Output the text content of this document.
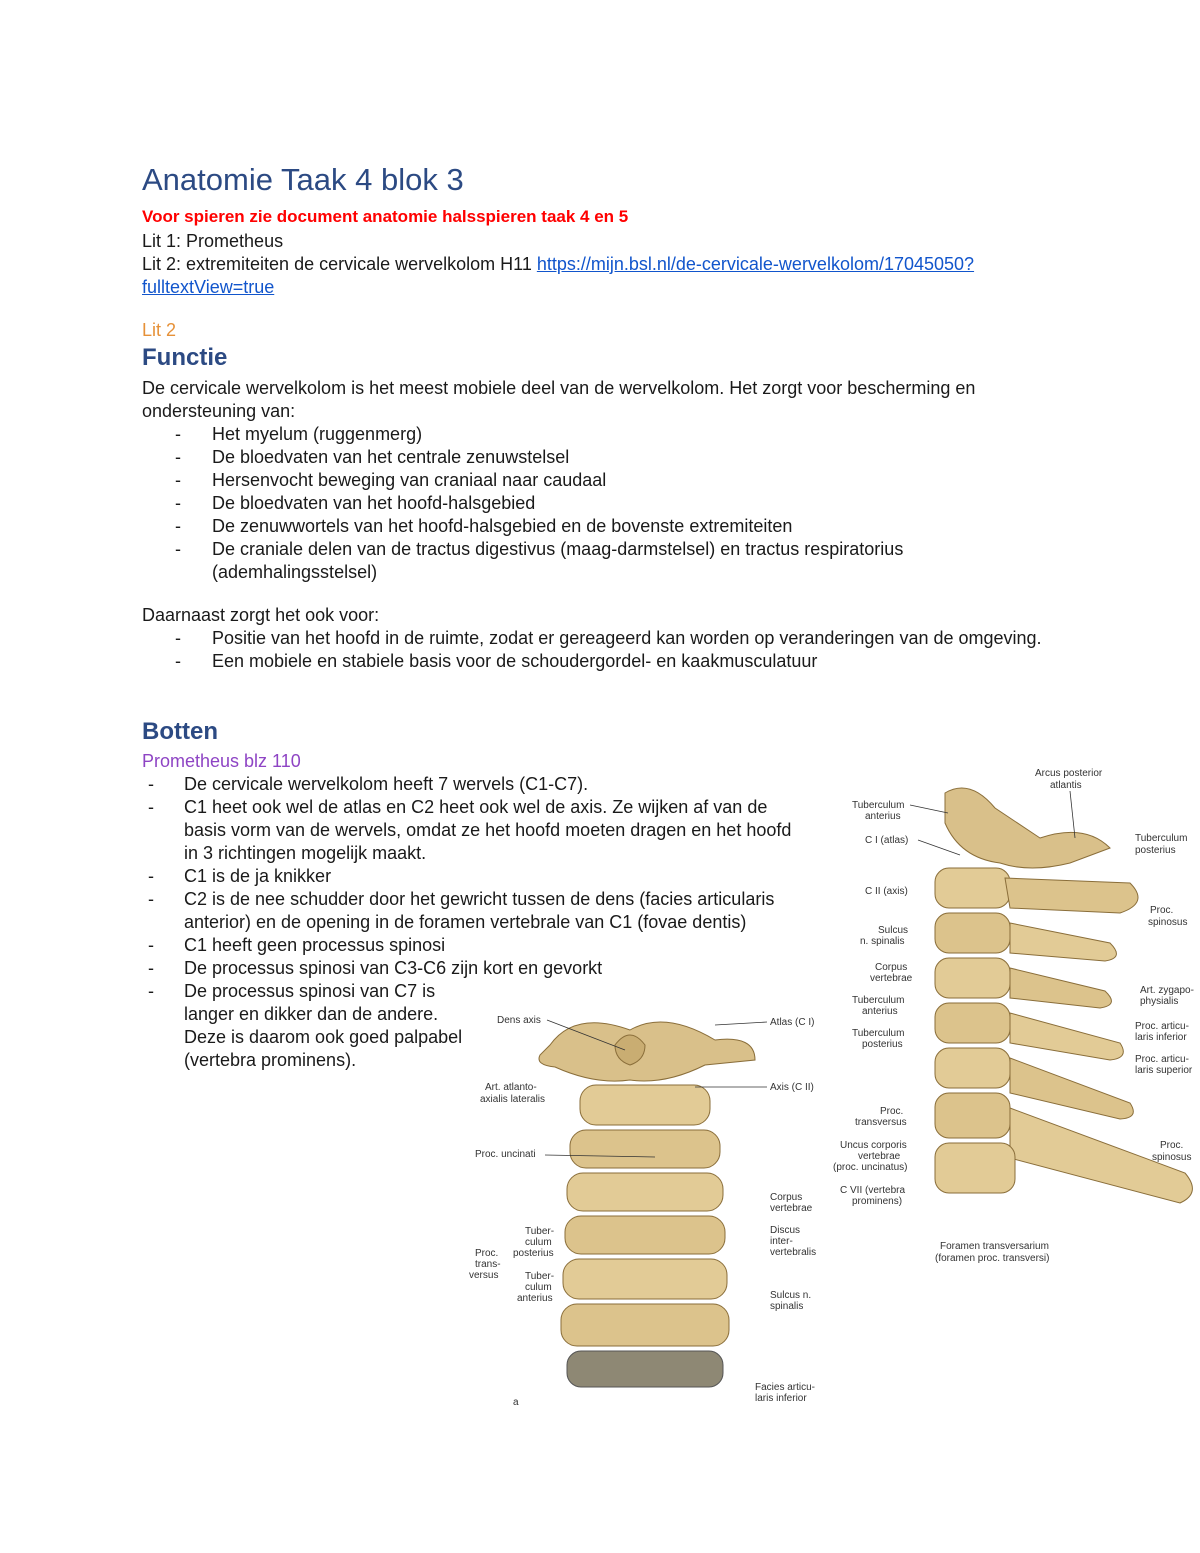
Anatomie Taak 4 blok 3
Voor spieren zie document anatomie halsspieren taak 4 en 5
Lit 1: Prometheus
Lit 2: extremiteiten de cervicale wervelkolom H11 https://mijn.bsl.nl/de-cervicale-wervelkolom/17045050?
fulltextView=true
Lit 2
Functie
De cervicale wervelkolom is het meest mobiele deel van de wervelkolom. Het zorgt voor bescherming en ondersteuning van:
- Het myelum (ruggenmerg)
- De bloedvaten van het centrale zenuwstelsel
- Hersenvocht beweging van craniaal naar caudaal
- De bloedvaten van het hoofd-halsgebied
- De zenuwwortels van het hoofd-halsgebied en de bovenste extremiteiten
- De craniale delen van de tractus digestivus (maag-darmstelsel) en tractus respiratorius (ademhalingsstelsel)
Daarnaast zorgt het ook voor:
- Positie van het hoofd in de ruimte, zodat er gereageerd kan worden op veranderingen van de omgeving.
- Een mobiele en stabiele basis voor de schoudergordel- en kaakmusculatuur
Botten
Prometheus blz 110
- De cervicale wervelkolom heeft 7 wervels (C1-C7).
- C1 heet ook wel de atlas en C2 heet ook wel de axis. Ze wijken af van de basis vorm van de wervels, omdat ze het hoofd moeten dragen en het hoofd in 3 richtingen mogelijk maakt.
- C1 is de ja knikker
- C2 is de nee schudder door het gewricht tussen de dens (facies articularis anterior) en de opening in de foramen vertebrale van C1 (fovae dentis)
- C1 heeft geen processus spinosi
- De processus spinosi van C3-C6 zijn kort en gevorkt
- De processus spinosi van C7 is langer en dikker dan de andere. Deze is daarom ook goed palpabel (vertebra prominens).
Dens axis
Art. atlanto-
axialis lateralis
Proc. uncinati
Tuber-
culum
posterius
Proc.
trans-
versus	Tuber-
culum
anterius
Atlas (C I)
Axis (C II)
Corpus
vertebrae
Discus
inter-
vertebralis
Sulcus n.
spinalis
Facies articu-
laris inferior
a
Tuberculum
anterius
C I (atlas)
C II (axis)
Sulcus
n. spinalis
Corpus
vertebrae
Tuberculum
anterius
Tuberculum
posterius
Proc.
transversus
Uncus corporis
vertebrae
(proc. uncinatus)
C VII (vertebra
prominens)
Arcus posterior
atlantis
Tuberculum
posterius
Proc.
spinosus
Art. zygapo-
physialis
Proc. articu-
laris inferior
Proc. articu-
laris superior
Proc.
spinosus
Foramen transversarium
(foramen proc. transversi)
